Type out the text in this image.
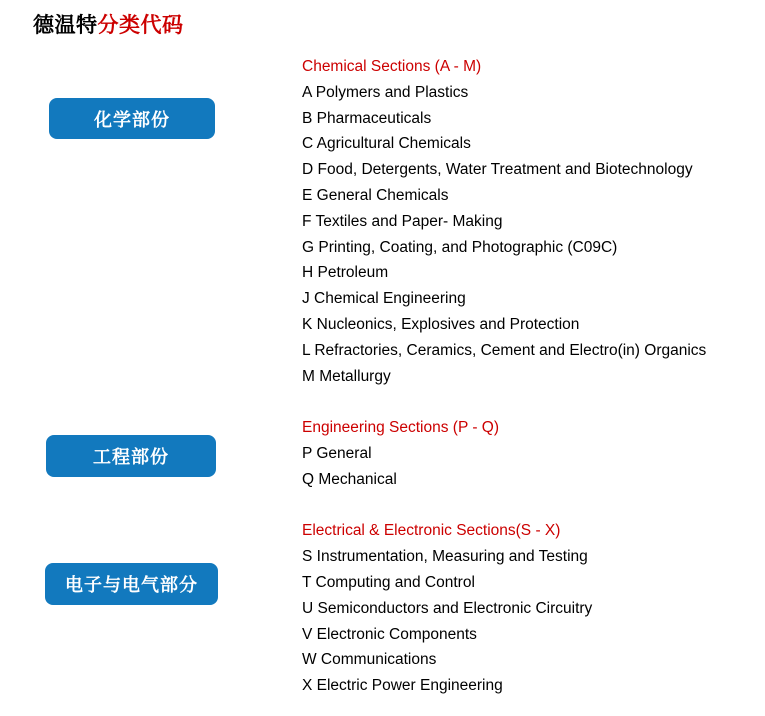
德温特分类代码
化学部份
工程部份
电子与电气部分
Chemical Sections (A - M)
A Polymers and Plastics
B Pharmaceuticals
C Agricultural Chemicals
D Food, Detergents, Water Treatment and Biotechnology
E General Chemicals
F Textiles and Paper- Making
G Printing, Coating, and Photographic (C09C)
H Petroleum
J Chemical Engineering
K Nucleonics, Explosives and Protection
L Refractories, Ceramics, Cement and Electro(in) Organics
M Metallurgy
Engineering Sections (P - Q)
P General
Q Mechanical
Electrical & Electronic Sections(S - X)
S Instrumentation, Measuring and Testing
T Computing and Control
U Semiconductors and Electronic Circuitry
V Electronic Components
W Communications
X Electric Power Engineering
